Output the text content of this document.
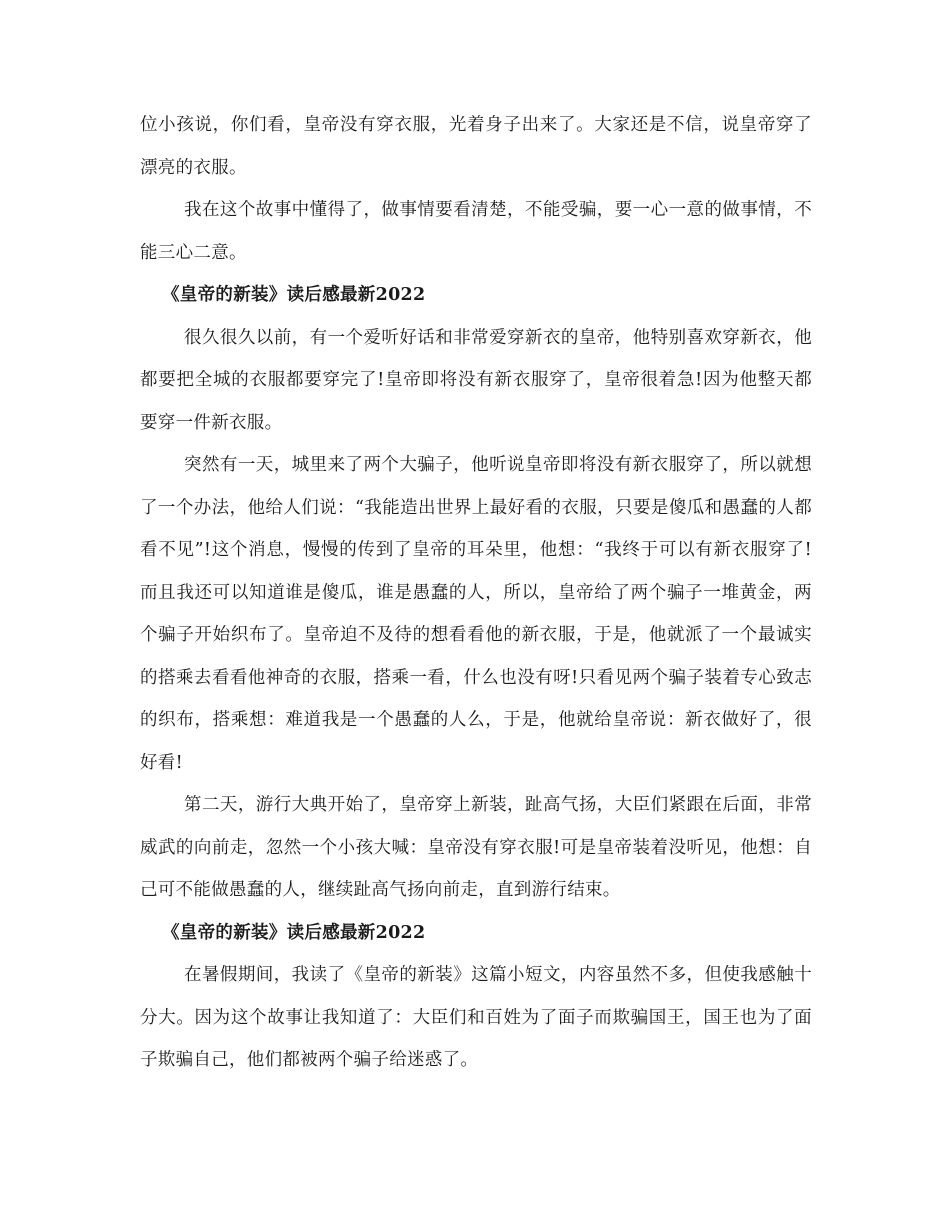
位小孩说，你们看，皇帝没有穿衣服，光着身子出来了。大家还是不信，说皇帝穿了漂亮的衣服。

我在这个故事中懂得了，做事情要看清楚，不能受骗，要一心一意的做事情，不能三心二意。

《皇帝的新装》读后感最新2022

很久很久以前，有一个爱听好话和非常爱穿新衣的皇帝，他特别喜欢穿新衣，他都要把全城的衣服都要穿完了!皇帝即将没有新衣服穿了，皇帝很着急!因为他整天都要穿一件新衣服。

突然有一天，城里来了两个大骗子，他听说皇帝即将没有新衣服穿了，所以就想了一个办法，他给人们说：“我能造出世界上最好看的衣服，只要是傻瓜和愚蠢的人都看不见”!这个消息，慢慢的传到了皇帝的耳朵里，他想：“我终于可以有新衣服穿了!而且我还可以知道谁是傻瓜，谁是愚蠢的人，所以，皇帝给了两个骗子一堆黄金，两个骗子开始织布了。皇帝迫不及待的想看看他的新衣服，于是，他就派了一个最诚实的搭乘去看看他神奇的衣服，搭乘一看，什么也没有呀!只看见两个骗子装着专心致志的织布，搭乘想：难道我是一个愚蠢的人么，于是，他就给皇帝说：新衣做好了，很好看!

第二天，游行大典开始了，皇帝穿上新装，趾高气扬，大臣们紧跟在后面，非常威武的向前走，忽然一个小孩大喊：皇帝没有穿衣服!可是皇帝装着没听见，他想：自己可不能做愚蠢的人，继续趾高气扬向前走，直到游行结束。

《皇帝的新装》读后感最新2022

在暑假期间，我读了《皇帝的新装》这篇小短文，内容虽然不多，但使我感触十分大。因为这个故事让我知道了：大臣们和百姓为了面子而欺骗国王，国王也为了面子欺骗自己，他们都被两个骗子给迷惑了。
